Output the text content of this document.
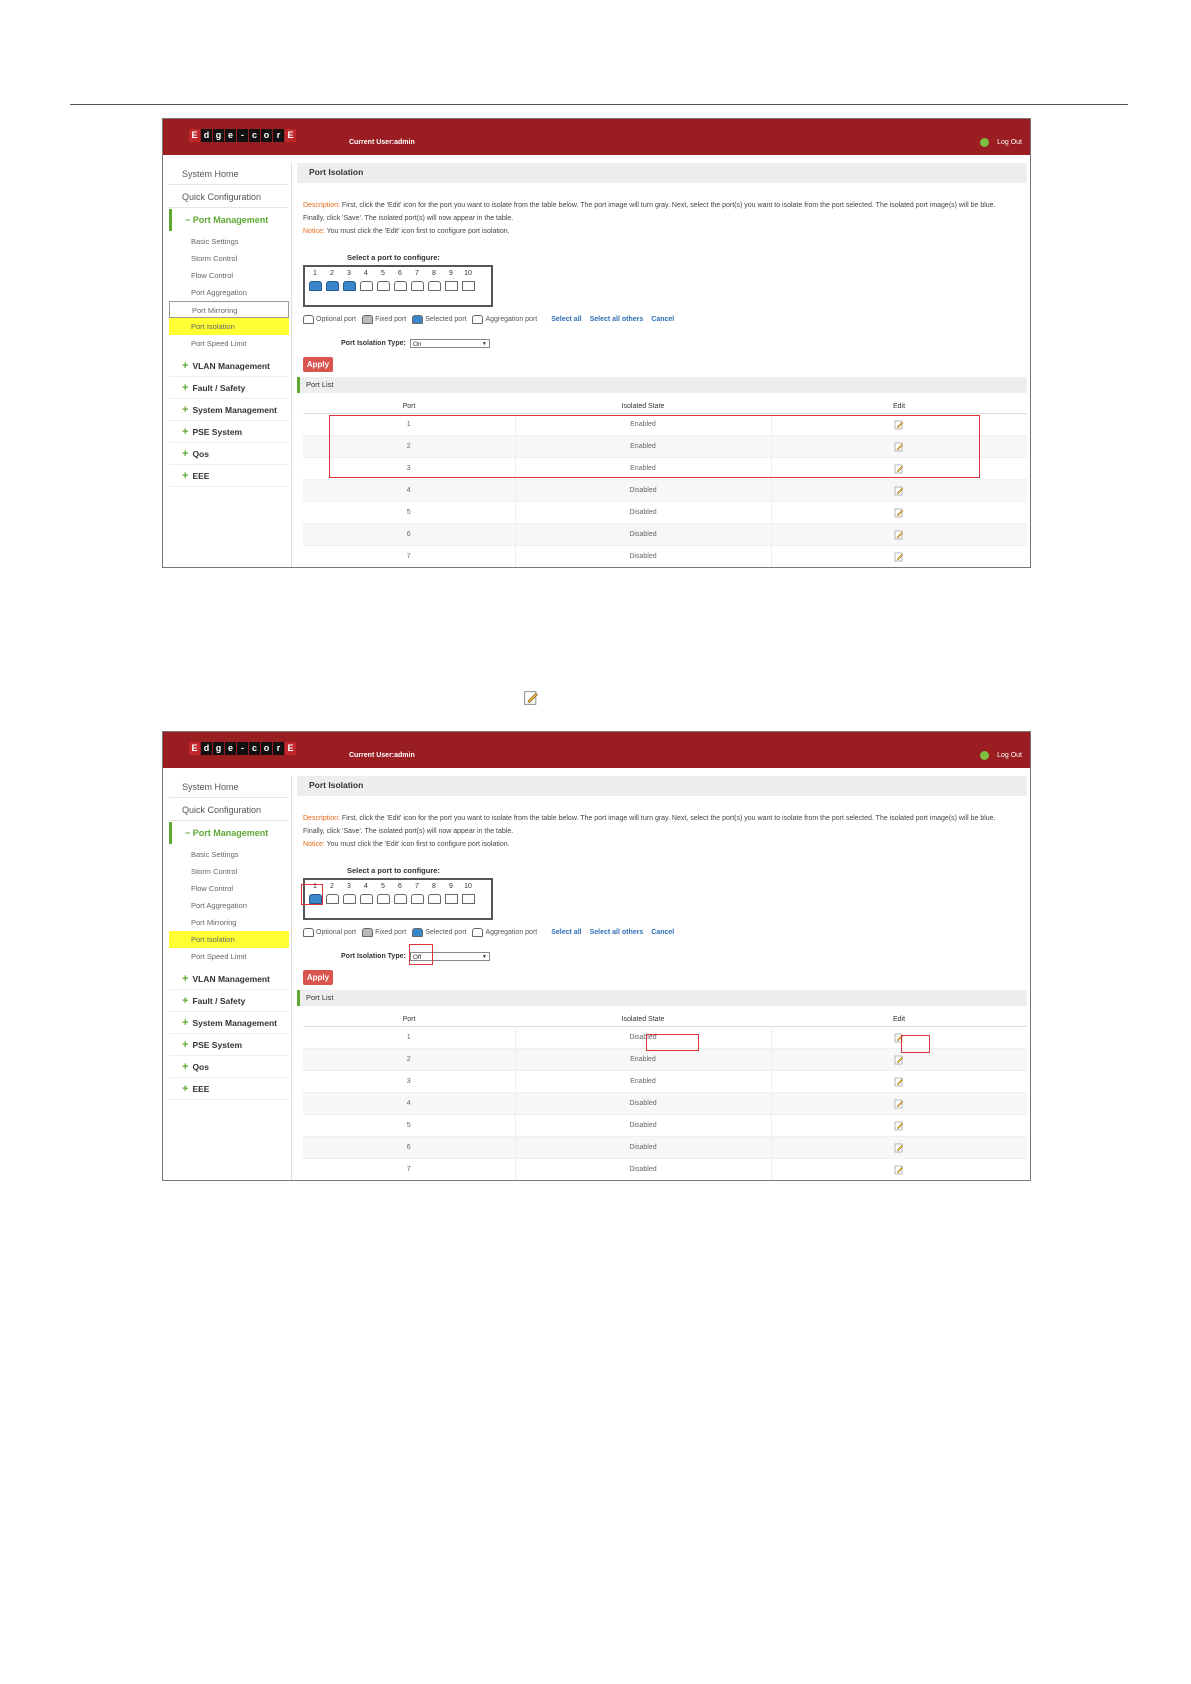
E d g e - c o r E
Current User:admin	Log Out
System Home
Quick Configuration
− Port Management
Basic Settings
Storm Control
Flow Control
Port Aggregation
Port Mirroring
Port Isolation
Port Speed Limit
+ VLAN Management
+ Fault / Safety
+ System Management
+ PSE System
+ Qos
+ EEE
Port Isolation
Description: First, click the 'Edit' icon for the port you want to isolate from the table below. The port image will turn gray. Next, select the port(s) you want to isolate from the port selected. The isolated port image(s) will be blue. Finally, click 'Save'. The isolated port(s) will now appear in the table.
Notice: You must click the 'Edit' icon first to configure port isolation.
Select a port to configure:
1	2	3	4	5	6	7	8	9	10
Optional port	Fixed port	Selected port	Aggregation port Select all Select all others Cancel
Port Isolation Type:	On ▼
Apply
Port List
Port	Isolated State	Edit
1	Enabled	
2	Enabled	
3	Enabled	
4	Disabled	
5	Disabled	
6	Disabled	
7	Disabled	
E d g e - c o r E
Current User:admin	Log Out
System Home
Quick Configuration
− Port Management
Basic Settings
Storm Control
Flow Control
Port Aggregation
Port Mirroring
Port Isolation
Port Speed Limit
+ VLAN Management
+ Fault / Safety
+ System Management
+ PSE System
+ Qos
+ EEE
Port Isolation
Description: First, click the 'Edit' icon for the port you want to isolate from the table below. The port image will turn gray. Next, select the port(s) you want to isolate from the port selected. The isolated port image(s) will be blue. Finally, click 'Save'. The isolated port(s) will now appear in the table.
Notice: You must click the 'Edit' icon first to configure port isolation.
Select a port to configure:
1	2	3	4	5	6	7	8	9	10
Optional port	Fixed port	Selected port	Aggregation port Select all Select all others Cancel
Port Isolation Type:	Off ▼
Apply
Port List
Port	Isolated State	Edit
1	Disabled	
2	Enabled	
3	Enabled	
4	Disabled	
5	Disabled	
6	Disabled	
7	Disabled	
